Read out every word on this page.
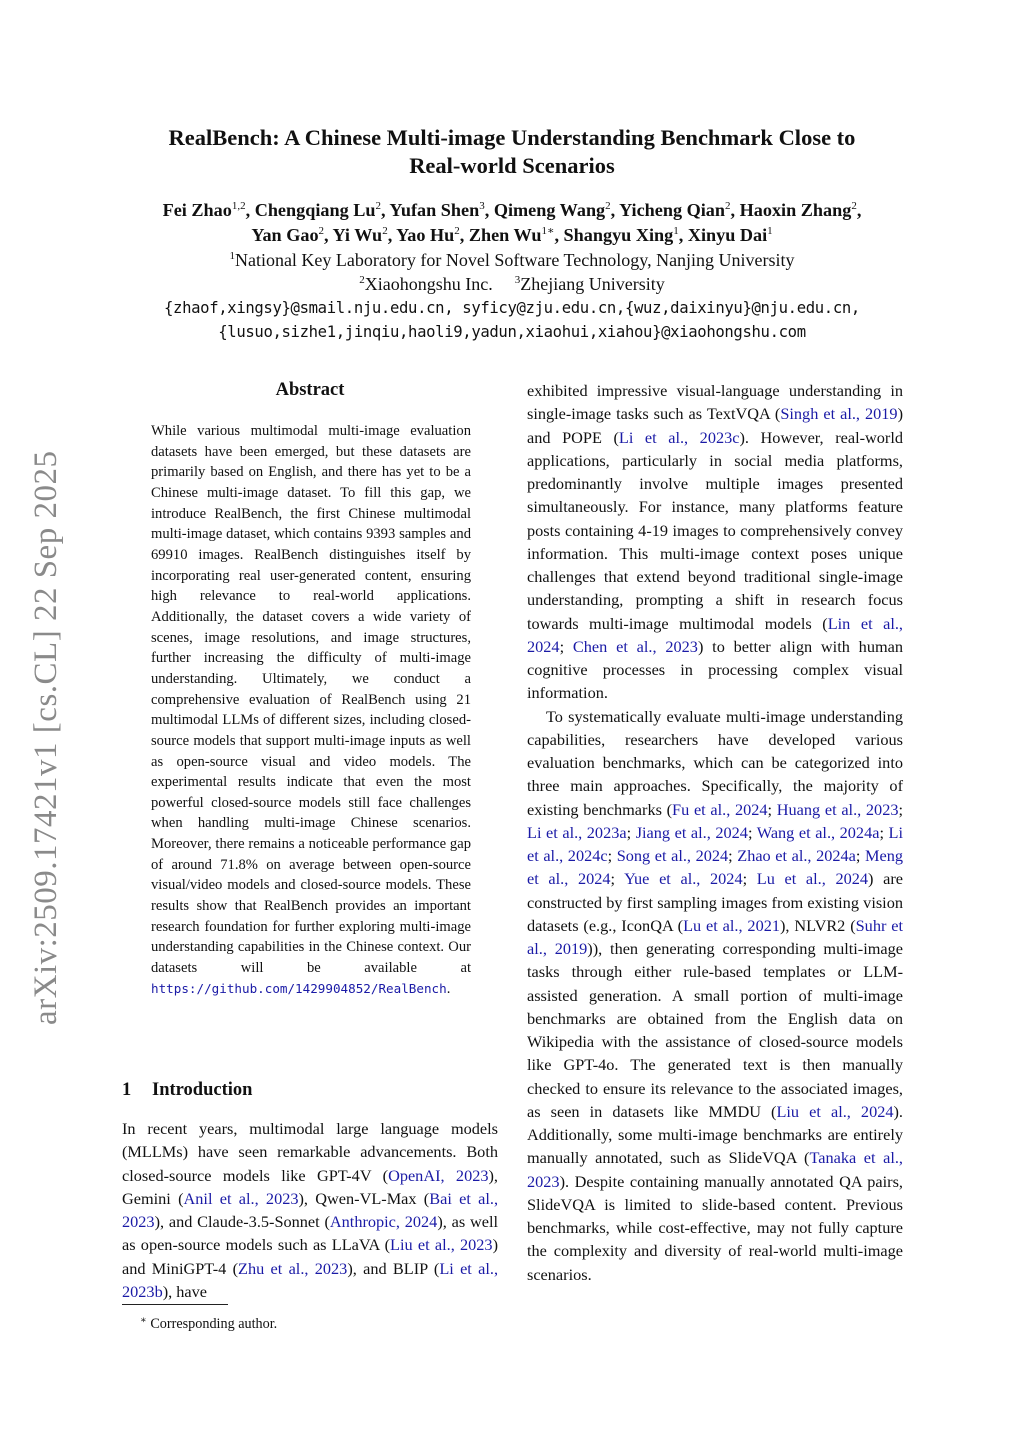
RealBench: A Chinese Multi-image Understanding Benchmark Close to
Real-world Scenarios
Fei Zhao$^{1,2}$, Chengqiang Lu$^2$, Yufan Shen$^3$, Qimeng Wang$^2$, Yicheng Qian$^2$, Haoxin Zhang$^2$,
Yan Gao$^2$, Yi Wu$^2$, Yao Hu$^2$, Zhen $Wu^{1∗}$, Shangyu Xing$^1$, Xinyu Dai$^1$
$^1$National Key Laboratory for Novel Software Technology, Nanjing University
$^2$Xiaohongshu Inc. $^3$Zhejiang University
{zhaof,xingsy}@smail.nju.edu.cn, syficy@zju.edu.cn,{wuz,daixinyu}@nju.edu.cn,
{lusuo,sizhe1,jinqiu,haoli9,yadun,xiaohui,xiahou}@xiaohongshu.com
arXiv:2509.17421v1 [cs.CL] 22 Sep 2025
Abstract

While various multimodal multi-image evaluation datasets have been emerged, but these datasets are primarily based on English, and there has yet to be a Chinese multi-image dataset. To fill this gap, we introduce RealBench, the first Chinese multimodal multi-image dataset, which contains 9393 samples and 69910 images. RealBench distinguishes itself by incorporating real user-generated content, ensuring high relevance to real-world applications. Additionally, the dataset covers a wide variety of scenes, image resolutions, and image structures, further increasing the difficulty of multi-image understanding. Ultimately, we conduct a comprehensive evaluation of RealBench using 21 multimodal LLMs of different sizes, including closed-source models that support multi-image inputs as well as open-source visual and video models. The experimental results indicate that even the most powerful closed-source models still face challenges when handling multi-image Chinese scenarios. Moreover, there remains a noticeable performance gap of around 71.8% on average between open-source visual/video models and closed-source models. These results show that RealBench provides an important research foundation for further exploring multi-image understanding capabilities in the Chinese context. Our datasets will be available at https://github.com/1429904852/RealBench.

1 Introduction

In recent years, multimodal large language models (MLLMs) have seen remarkable advancements. Both closed-source models like GPT-4V (OpenAI, 2023), Gemini (Anil et al., 2023), Qwen-VL-Max (Bai et al., 2023), and Claude-3.5-Sonnet (Anthropic, 2024), as well as open-source models such as LLaVA (Liu et al., 2023) and MiniGPT-4 (Zhu et al., 2023), and BLIP (Li et al., 2023b), have

exhibited impressive visual-language understanding in single-image tasks such as TextVQA (Singh et al., 2019) and POPE (Li et al., 2023c). However, real-world applications, particularly in social media platforms, predominantly involve multiple images presented simultaneously. For instance, many platforms feature posts containing 4-19 images to comprehensively convey information. This multi-image context poses unique challenges that extend beyond traditional single-image understanding, prompting a shift in research focus towards multi-image multimodal models (Lin et al., 2024; Chen et al., 2023) to better align with human cognitive processes in processing complex visual information.

To systematically evaluate multi-image understanding capabilities, researchers have developed various evaluation benchmarks, which can be categorized into three main approaches. Specifically, the majority of existing benchmarks (Fu et al., 2024; Huang et al., 2023; Li et al., 2023a; Jiang et al., 2024; Wang et al., 2024a; Li et al., 2024c; Song et al., 2024; Zhao et al., 2024a; Meng et al., 2024; Yue et al., 2024; Lu et al., 2024) are constructed by first sampling images from existing vision datasets (e.g., IconQA (Lu et al., 2021), NLVR2 (Suhr et al., 2019)), then generating corresponding multi-image tasks through either rule-based templates or LLM-assisted generation. A small portion of multi-image benchmarks are obtained from the English data on Wikipedia with the assistance of closed-source models like GPT-4o. The generated text is then manually checked to ensure its relevance to the associated images, as seen in datasets like MMDU (Liu et al., 2024). Additionally, some multi-image benchmarks are entirely manually annotated, such as SlideVQA (Tanaka et al., 2023). Despite containing manually annotated QA pairs, SlideVQA is limited to slide-based content. Previous benchmarks, while cost-effective, may not fully capture the complexity and diversity of real-world multi-image scenarios.

∗ Corresponding author.
